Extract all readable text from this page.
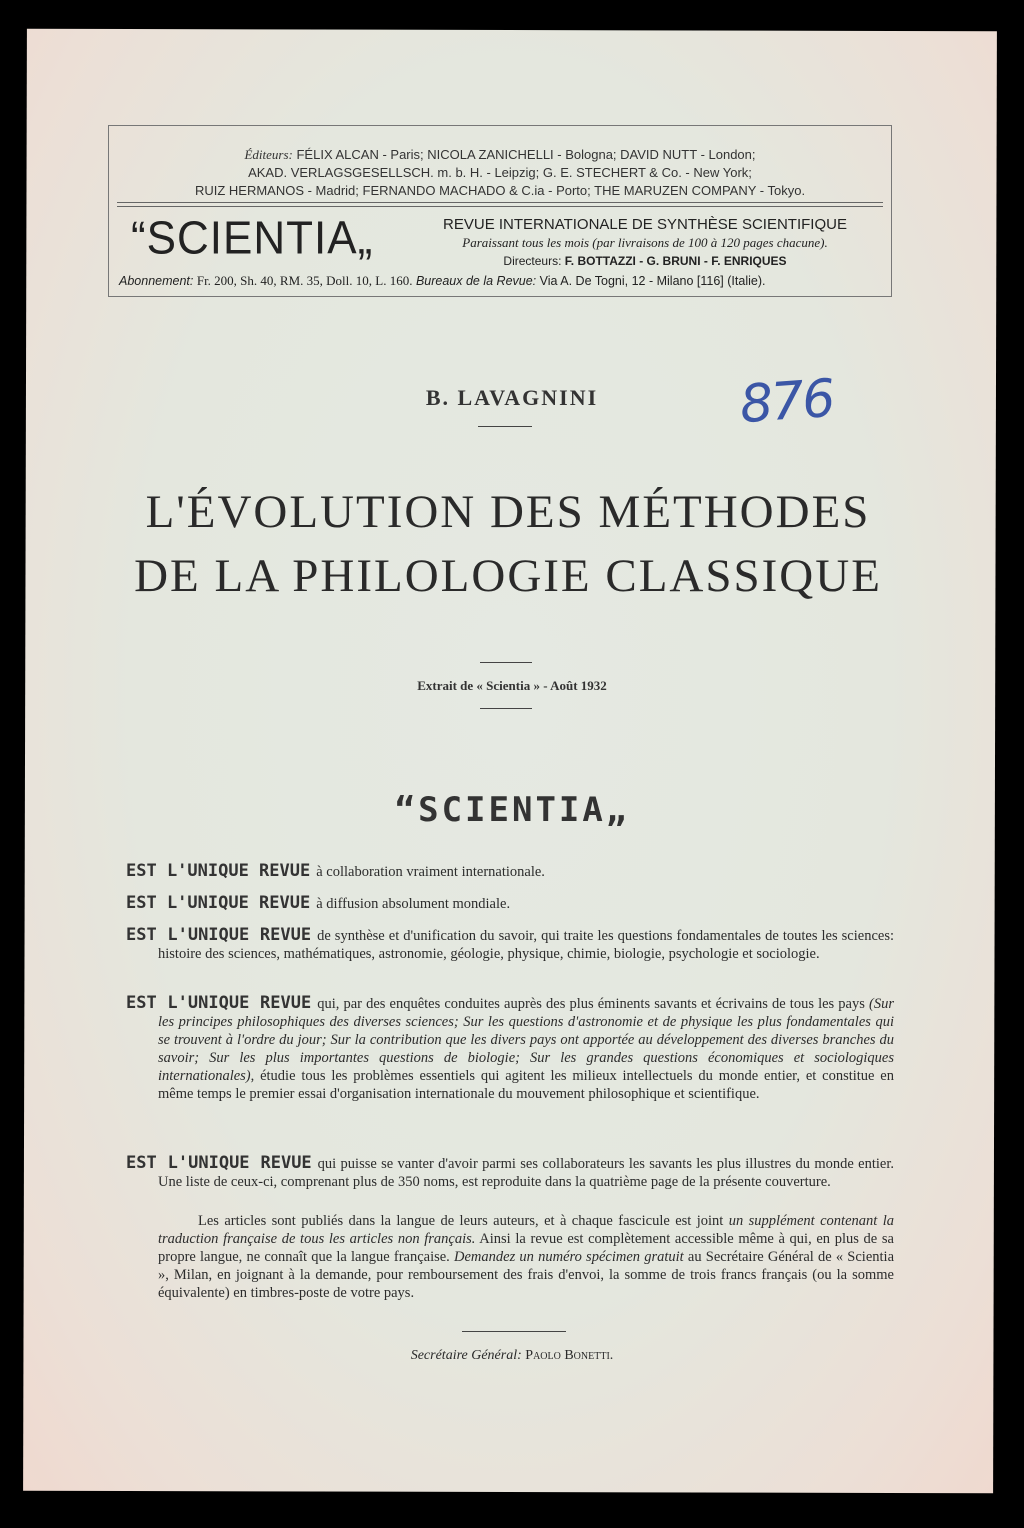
Éditeurs: FÉLIX ALCAN - Paris; NICOLA ZANICHELLI - Bologna; DAVID NUTT - London;
AKAD. VERLAGSGESELLSCH. m. b. H. - Leipzig; G. E. STECHERT & Co. - New York;
RUIZ HERMANOS - Madrid; FERNANDO MACHADO & C.ia - Porto; THE MARUZEN COMPANY - Tokyo.
“SCIENTIA„	REVUE INTERNATIONALE DE SYNTHÈSE SCIENTIFIQUE
Paraissant tous les mois (par livraisons de 100 à 120 pages chacune).
Directeurs: F. BOTTAZZI - G. BRUNI - F. ENRIQUES
Abonnement: Fr. 200, Sh. 40, RM. 35, Doll. 10, L. 160. Bureaux de la Revue: Via A. De Togni, 12 - Milano [116] (Italie).
876
B. LAVAGNINI
L'ÉVOLUTION DES MÉTHODES
DE LA PHILOLOGIE CLASSIQUE
Extrait de « Scientia » - Août 1932
“SCIENTIA„
EST L'UNIQUE REVUE à collaboration vraiment internationale.
EST L'UNIQUE REVUE à diffusion absolument mondiale.
EST L'UNIQUE REVUE de synthèse et d'unification du savoir, qui traite les questions fondamentales de toutes les sciences: histoire des sciences, mathématiques, astronomie, géologie, physique, chimie, biologie, psychologie et sociologie.
EST L'UNIQUE REVUE qui, par des enquêtes conduites auprès des plus éminents savants et écrivains de tous les pays (Sur les principes philosophiques des diverses sciences; Sur les questions d'astronomie et de physique les plus fondamentales qui se trouvent à l'ordre du jour; Sur la contribution que les divers pays ont apportée au développement des diverses branches du savoir; Sur les plus importantes questions de biologie; Sur les grandes questions économiques et sociologiques internationales), étudie tous les problèmes essentiels qui agitent les milieux intellectuels du monde entier, et constitue en même temps le premier essai d'organisation internationale du mouvement philosophique et scientifique.
EST L'UNIQUE REVUE qui puisse se vanter d'avoir parmi ses collaborateurs les savants les plus illustres du monde entier. Une liste de ceux-ci, comprenant plus de 350 noms, est reproduite dans la quatrième page de la présente couverture.
Les articles sont publiés dans la langue de leurs auteurs, et à chaque fascicule est joint un supplément contenant la traduction française de tous les articles non français. Ainsi la revue est complètement accessible même à qui, en plus de sa propre langue, ne connaît que la langue française. Demandez un numéro spécimen gratuit au Secrétaire Général de « Scientia », Milan, en joignant à la demande, pour remboursement des frais d'envoi, la somme de trois francs français (ou la somme équivalente) en timbres-poste de votre pays.
Secrétaire Général: Paolo Bonetti.
